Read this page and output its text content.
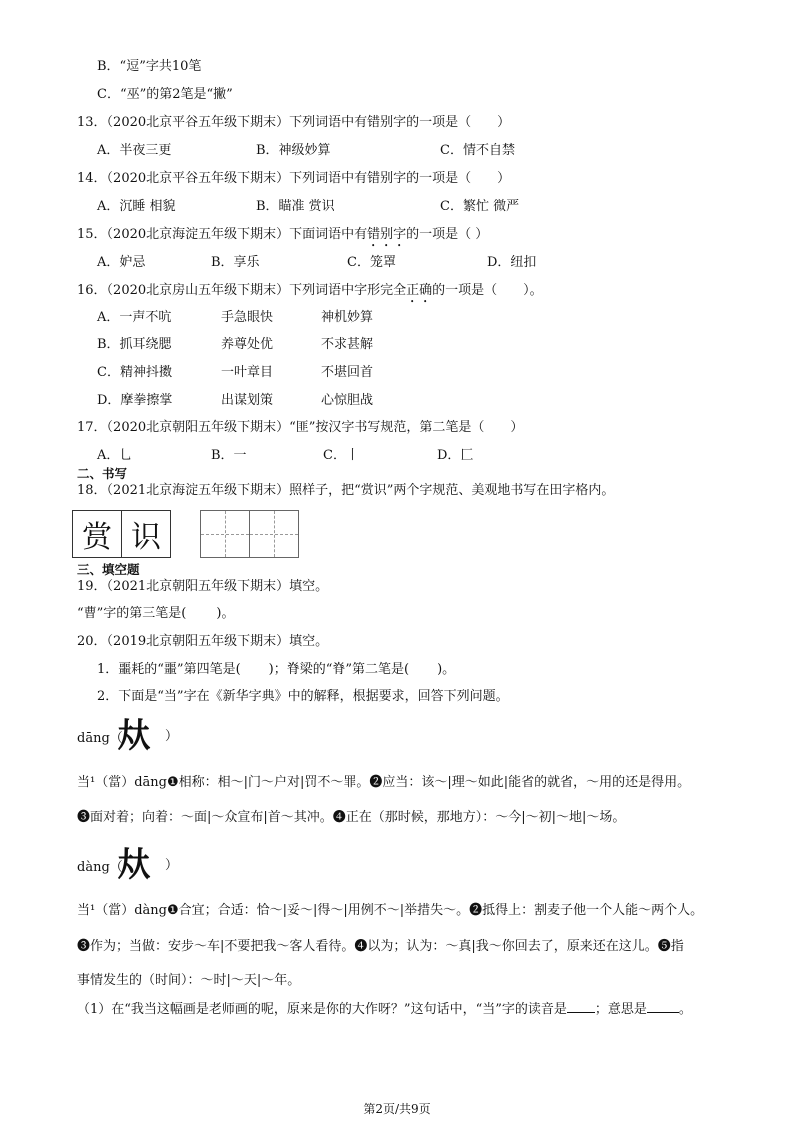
B．“逗”字共10笔
C．“巫”的第2笔是“撇”
13．（2020北京平谷五年级下期末）下列词语中有错别字的一项是（　　）
A．半夜三更	B．神级妙算	C．情不自禁
14．（2020北京平谷五年级下期末）下列词语中有错别字的一项是（　　）
A．沉睡 相貌	B．瞄准 赏识	C．繁忙 微严
15．（2020北京海淀五年级下期末）下面词语中有错别字的一项是（ ）
A．妒忌	B．享乐	C．笼罩	D．纽扣
16．（2020北京房山五年级下期末）下列词语中字形完全正确的一项是（　　）。
A．一声不吭	手急眼快	神机妙算
B．抓耳绕腮	养尊处优	不求甚解
C．精神抖擞	一叶章目	不堪回首
D．摩拳擦掌	出谋划策	心惊胆战
17．（2020北京朝阳五年级下期末）“匪”按汉字书写规范，第二笔是（　　）
A．乚	B．一	C．丨	D．匚
二、书写
18．（2021北京海淀五年级下期末）照样子，把“赏识”两个字规范、美观地书写在田字格内。
赏 识
三、填空题
19．（2021北京朝阳五年级下期末）填空。
“曹”字的第三笔是( )。
20．（2019北京朝阳五年级下期末）填空。
1．噩耗的“噩”第四笔是( )；脊梁的“脊”第二笔是( )。
2．下面是“当”字在《新华字典》中的解释，根据要求，回答下列问题。
dāng（
夶 ）
当¹（當）dāng❶相称：相～|门～户对|罚不～罪。❷应当：该～|理～如此|能省的就省，～用的还是得用。
❸面对着；向着：～面|～众宣布|首～其冲。❹正在（那时候，那地方）：～今|～初|～地|～场。
dàng（
夶 ）
当¹（當）dàng❶合宜；合适：恰～|妥～|得～|用例不～|举措失～。❷抵得上：割麦子他一个人能～两个人。
❸作为；当做：安步～车|不要把我～客人看待。❹以为；认为：～真|我～你回去了，原来还在这儿。❺指
事情发生的（时间）：～时|～天|～年。
（1）在“我当这幅画是老师画的呢，原来是你的大作呀？”这句话中，“当”字的读音是 ；意思是 。
第2页/共9页
